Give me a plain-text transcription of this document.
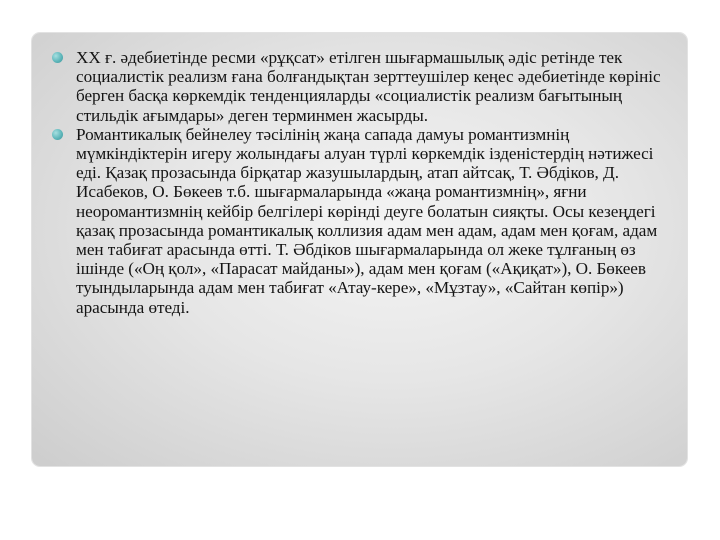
ХХ ғ. әдебиетінде ресми «рұқсат» етілген шығармашылық әдіс ретінде тек социалистік реализм ғана болғандықтан зерттеушілер кеңес әдебиетінде көрініс берген басқа көркемдік тенденцияларды «социалистік реализм бағытының стильдік ағымдары» деген терминмен жасырды.
Романтикалық бейнелеу тәсілінің жаңа сапада дамуы романтизмнің мүмкіндіктерін игеру жолындағы алуан түрлі көркемдік ізденістердің нәтижесі еді. Қазақ прозасында бірқатар жазушылардың, атап айтсақ, Т. Әбдіков, Д. Исабеков, О. Бөкеев т.б. шығармаларында «жаңа романтизмнің», яғни неоромантизмнің кейбір белгілері көрінді деуге болатын сияқты. Осы кезеңдегі қазақ прозасында романтикалық коллизия адам мен адам, адам мен қоғам, адам мен табиғат арасында өтті. Т. Әбдіков шығармаларында ол жеке тұлғаның өз ішінде («Оң қол», «Парасат майданы»), адам мен қоғам («Ақиқат»), О. Бөкеев туындыларында адам мен табиғат «Атау-кере», «Мұзтау», «Сайтан көпір») арасында өтеді.
